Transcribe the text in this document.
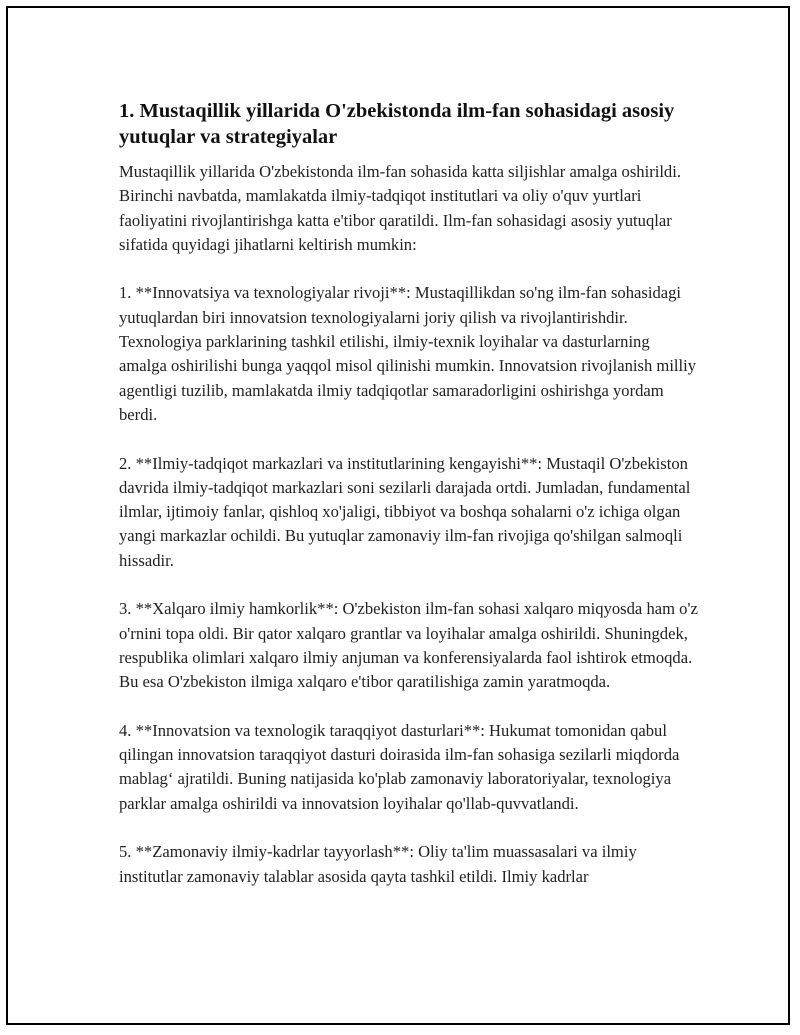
1. Mustaqillik yillarida O'zbekistonda ilm-fan sohasidagi asosiy yutuqlar va strategiyalar

Mustaqillik yillarida O'zbekistonda ilm-fan sohasida katta siljishlar amalga oshirildi. Birinchi navbatda, mamlakatda ilmiy-tadqiqot institutlari va oliy o'quv yurtlari faoliyatini rivojlantirishga katta e'tibor qaratildi. Ilm-fan sohasidagi asosiy yutuqlar sifatida quyidagi jihatlarni keltirish mumkin:

1. **Innovatsiya va texnologiyalar rivoji**: Mustaqillikdan so'ng ilm-fan sohasidagi yutuqlardan biri innovatsion texnologiyalarni joriy qilish va rivojlantirishdir. Texnologiya parklarining tashkil etilishi, ilmiy-texnik loyihalar va dasturlarning amalga oshirilishi bunga yaqqol misol qilinishi mumkin. Innovatsion rivojlanish milliy agentligi tuzilib, mamlakatda ilmiy tadqiqotlar samaradorligini oshirishga yordam berdi.

2. **Ilmiy-tadqiqot markazlari va institutlarining kengayishi**: Mustaqil O'zbekiston davrida ilmiy-tadqiqot markazlari soni sezilarli darajada ortdi. Jumladan, fundamental ilmlar, ijtimoiy fanlar, qishloq xo'jaligi, tibbiyot va boshqa sohalarni o'z ichiga olgan yangi markazlar ochildi. Bu yutuqlar zamonaviy ilm-fan rivojiga qo'shilgan salmoqli hissadir.

3. **Xalqaro ilmiy hamkorlik**: O'zbekiston ilm-fan sohasi xalqaro miqyosda ham o'z o'rnini topa oldi. Bir qator xalqaro grantlar va loyihalar amalga oshirildi. Shuningdek, respublika olimlari xalqaro ilmiy anjuman va konferensiyalarda faol ishtirok etmoqda. Bu esa O'zbekiston ilmiga xalqaro e'tibor qaratilishiga zamin yaratmoqda.

4. **Innovatsion va texnologik taraqqiyot dasturlari**: Hukumat tomonidan qabul qilingan innovatsion taraqqiyot dasturi doirasida ilm-fan sohasiga sezilarli miqdorda mablag‘ ajratildi. Buning natijasida ko'plab zamonaviy laboratoriyalar, texnologiya parklar amalga oshirildi va innovatsion loyihalar qo'llab-quvvatlandi.

5. **Zamonaviy ilmiy-kadrlar tayyorlash**: Oliy ta'lim muassasalari va ilmiy institutlar zamonaviy talablar asosida qayta tashkil etildi. Ilmiy kadrlar
